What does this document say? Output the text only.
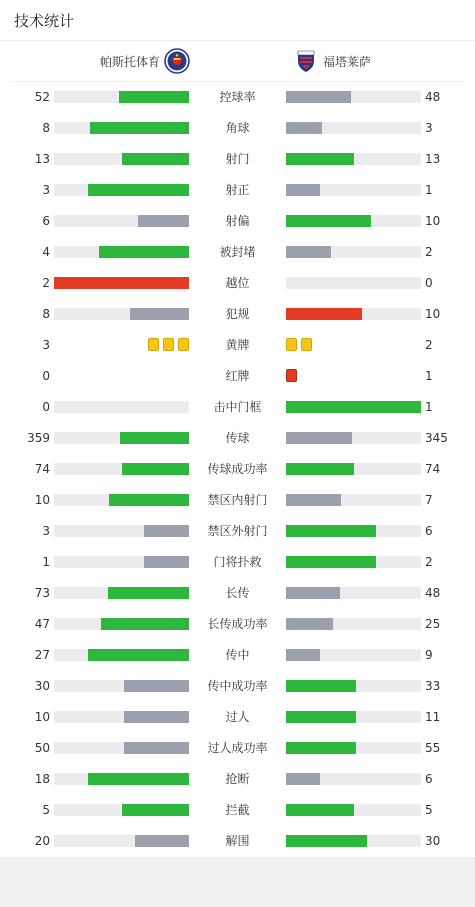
技术统计
帕斯托体育	福塔莱萨
52	控球率	48
8	角球	3
13	射门	13
3	射正	1
6	射偏	10
4	被封堵	2
2	越位	0
8	犯规	10
3	黄牌	2
0	红牌	1
0	击中门框	1
359	传球	345
74	传球成功率	74
10	禁区内射门	7
3	禁区外射门	6
1	门将扑救	2
73	长传	48
47	长传成功率	25
27	传中	9
30	传中成功率	33
10	过人	11
50	过人成功率	55
18	抢断	6
5	拦截	5
20	解围	30
